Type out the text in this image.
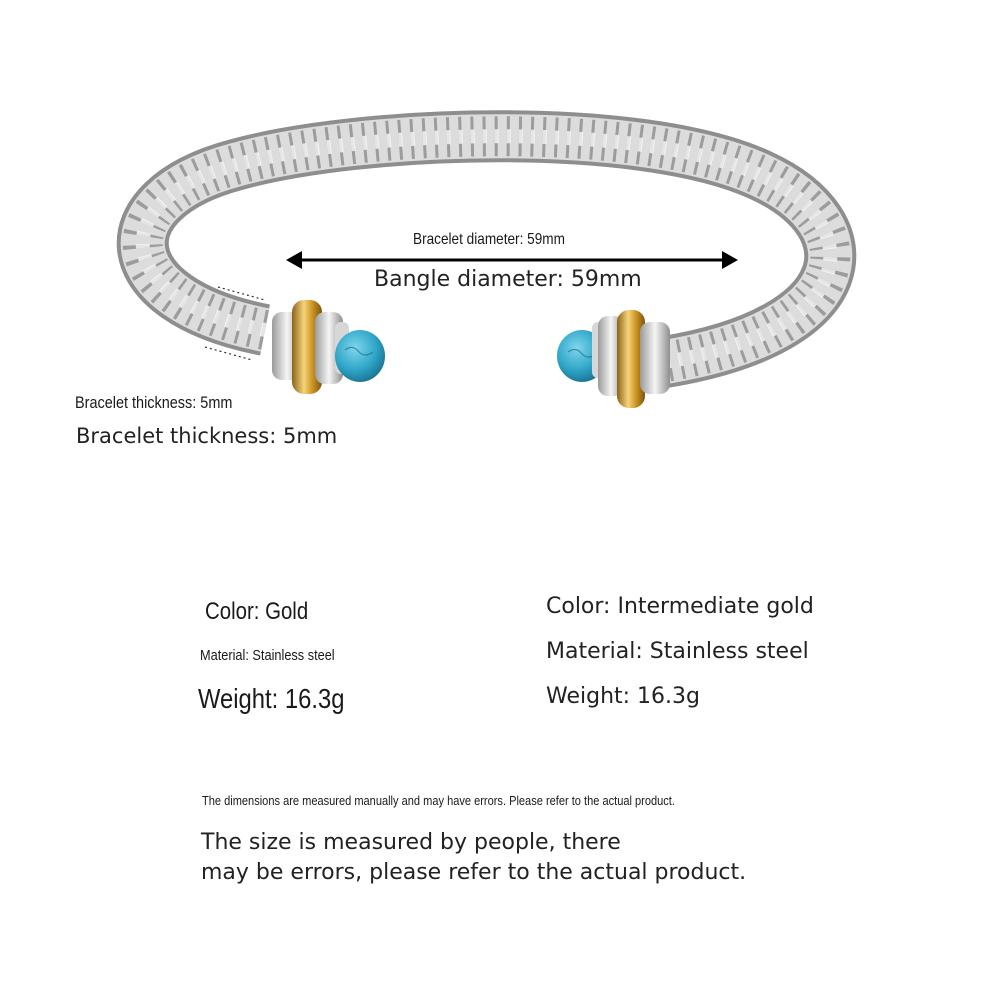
Bracelet diameter: 59mm
Bangle diameter: 59mm
Bracelet thickness: 5mm
Bracelet thickness: 5mm
Color: Gold
Material: Stainless steel
Weight: 16.3g
Color: Intermediate gold
Material: Stainless steel
Weight: 16.3g
The dimensions are measured manually and may have errors. Please refer to the actual product.
The size is measured by people, there
may be errors, please refer to the actual product.
